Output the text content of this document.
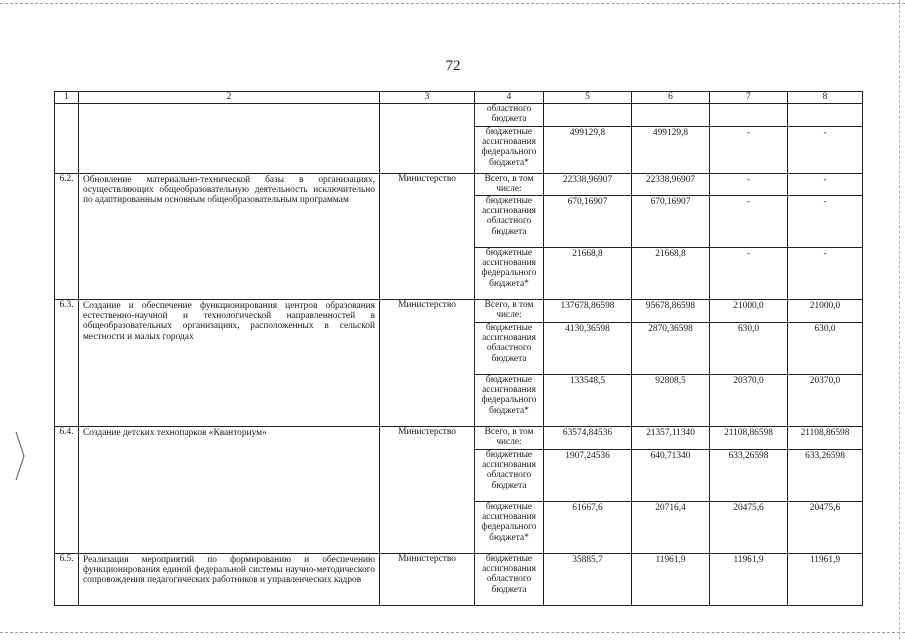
72
1	2	3	4	5	6	7	8
			областного бюджета				
			бюджетные ассигнования федерального бюджета*	499129,8	499129,8	-	-
6.2.	Обновление материально-технической базы в организациях, осуществляющих общеобразовательную деятельность исключительно по адаптированным основным общеобразовательным программам	Министерство	Всего, в том числе:	22338,96907	22338,96907	-	-
			бюджетные ассигнования областного бюджета	670,16907	670,16907	-	-
			бюджетные ассигнования федерального бюджета*	21668,8	21668,8	-	-
6.3.	Создание и обеспечение функционирования центров образования естественно-научной и технологической направленностей в общеобразовательных организациях, расположенных в сельской местности и малых городах	Министерство	Всего, в том числе:	137678,86598	95678,86598	21000,0	21000,0
			бюджетные ассигнования областного бюджета	4130,36598	2870,36598	630,0	630,0
			бюджетные ассигнования федерального бюджета*	133548,5	92808,5	20370,0	20370,0
6.4.	Создание детских технопарков «Кванториум»	Министерство	Всего, в том числе:	63574,84536	21357,11340	21108,86598	21108,86598
			бюджетные ассигнования областного бюджета	1907,24536	640,71340	633,26598	633,26598
			бюджетные ассигнования федерального бюджета*	61667,6	20716,4	20475,6	20475,6
6.5.	Реализация мероприятий по формированию и обеспечению функционирования единой федеральной системы научно-методического сопровождения педагогических работников и управленческих кадров	Министерство	бюджетные ассигнования областного бюджета	35885,7	11961,9	11961,9	11961,9
